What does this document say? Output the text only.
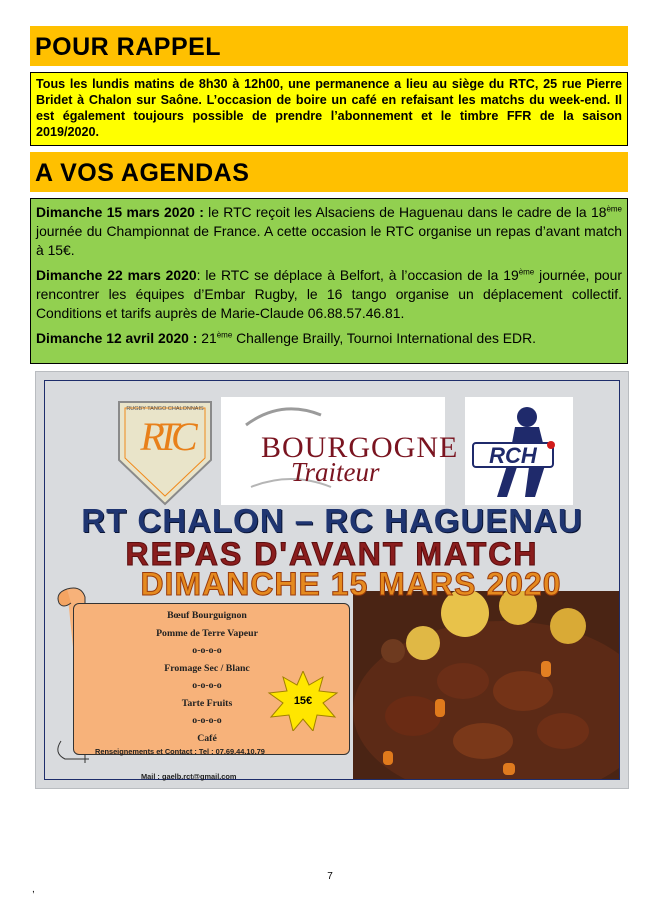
POUR RAPPEL
Tous les lundis matins de 8h30 à 12h00, une permanence a lieu au siège du RTC, 25 rue Pierre Bridet à Chalon sur Saône. L’occasion de boire un café en refaisant les matchs du week-end. Il est également toujours possible de prendre l’abonnement et le timbre FFR de la saison 2019/2020.
A VOS AGENDAS

Dimanche 15 mars 2020 : le RTC reçoit les Alsaciens de Haguenau dans le cadre de la 18ème journée du Championnat de France. A cette occasion le RTC organise un repas d’avant match à 15€.

Dimanche 22 mars 2020: le RTC se déplace à Belfort, à l’occasion de la 19ème journée, pour rencontrer les équipes d’Embar Rugby, le 16 tango organise un déplacement collectif. Conditions et tarifs auprès de Marie-Claude 06.88.57.46.81.

Dimanche 12 avril 2020 : 21ème Challenge Brailly, Tournoi International des EDR.

RUGBY TANGO CHALONNAIS
RTC	BOURGOGNE
Traiteur
RCH
RT CHALON – RC HAGUENAU
REPAS D'AVANT MATCH
DIMANCHE 15 MARS 2020
Bœuf Bourguignon
Pomme de Terre Vapeur
o-o-o-o
Fromage Sec / Blanc
o-o-o-o
Tarte Fruits
o-o-o-o
Café
15€
Renseignements et Contact : Tel : 07.69.44.10.79
Mail : gaelb.rct@gmail.com
7
,
